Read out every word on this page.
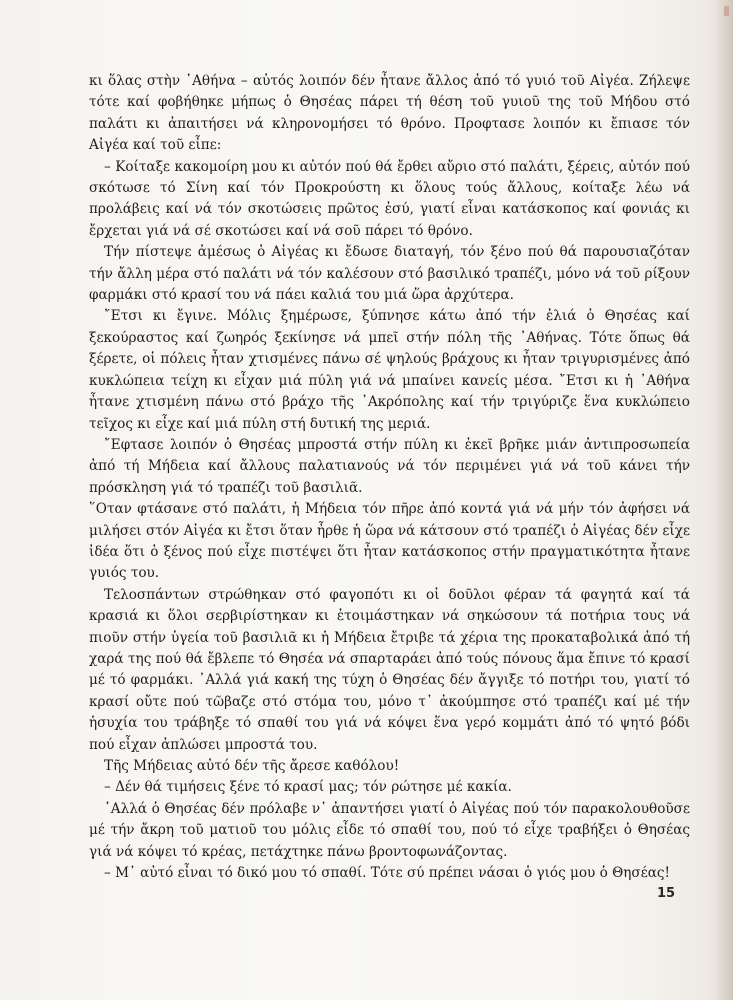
κι ὅλας στὴν ᾿Αθήνα – αὐτός λοιπόν δέν ἦτανε ἄλλος ἀπό τό γυιό τοῦ Αἰγέα. Ζήλεψε τότε καί φοβήθηκε μήπως ὁ Θησέας πάρει τή θέση τοῦ γυιοῦ της τοῦ Μήδου στό παλάτι κι ἀπαιτήσει νά κληρονομήσει τό θρόνο. Προφτασε λοιπόν κι ἔπιασε τόν Αἰγέα καί τοῦ εἶπε:

– Κοίταξε κακομοίρη μου κι αὐτόν πού θά ἔρθει αὔριο στό παλάτι, ξέρεις, αὐτόν πού σκότωσε τό Σίνη καί τόν Προκρούστη κι ὅλους τούς ἄλλους, κοίταξε λέω νά προλάβεις καί νά τόν σκοτώσεις πρῶτος ἐσύ, γιατί εἶναι κατάσκοπος καί φονιάς κι ἔρχεται γιά νά σέ σκοτώσει καί νά σοῦ πάρει τό θρόνο.

Τήν πίστεψε ἀμέσως ὁ Αἰγέας κι ἔδωσε διαταγή, τόν ξένο πού θά παρουσιαζόταν τήν ἄλλη μέρα στό παλάτι νά τόν καλέσουν στό βασιλικό τραπέζι, μόνο νά τοῦ ρίξουν φαρμάκι στό κρασί του νά πάει καλιά του μιά ὥρα ἀρχύτερα.

῎Ετσι κι ἔγινε. Μόλις ξημέρωσε, ξύπνησε κάτω ἀπό τήν ἐλιά ὁ Θησέας καί ξεκούραστος καί ζωηρός ξεκίνησε νά μπεῖ στήν πόλη τῆς ᾿Αθήνας. Τότε ὅπως θά ξέρετε, οἱ πόλεις ἦταν χτισμένες πάνω σέ ψηλούς βράχους κι ἦταν τριγυρισμένες ἀπό κυκλώπεια τείχη κι εἶχαν μιά πύλη γιά νά μπαίνει κανείς μέσα. ῎Ετσι κι ἡ ᾿Αθήνα ἦτανε χτισμένη πάνω στό βράχο τῆς ᾿Ακρόπολης καί τήν τριγύριζε ἕνα κυκλώπειο τεῖχος κι εἶχε καί μιά πύλη στή δυτική της μεριά.

῎Εφτασε λοιπόν ὁ Θησέας μπροστά στήν πύλη κι ἐκεῖ βρῆκε μιάν ἀντιπροσωπεία ἀπό τή Μήδεια καί ἄλλους παλατιανούς νά τόν περιμένει γιά νά τοῦ κάνει τήν πρόσκληση γιά τό τραπέζι τοῦ βασιλιᾶ.

῞Οταν φτάσανε στό παλάτι, ἡ Μήδεια τόν πῆρε ἀπό κοντά γιά νά μήν τόν ἀφήσει νά μιλήσει στόν Αἰγέα κι ἔτσι ὅταν ἦρθε ἡ ὥρα νά κάτσουν στό τραπέζι ὁ Αἰγέας δέν εἶχε ἰδέα ὅτι ὁ ξένος πού εἶχε πιστέψει ὅτι ἦταν κατάσκοπος στήν πραγματικότητα ἦτανε γυιός του.

Τελοσπάντων στρώθηκαν στό φαγοπότι κι οἱ δοῦλοι φέραν τά φαγητά καί τά κρασιά κι ὅλοι σερβιρίστηκαν κι ἑτοιμάστηκαν νά σηκώσουν τά ποτήρια τους νά πιοῦν στήν ὑγεία τοῦ βασιλιᾶ κι ἡ Μήδεια ἔτριβε τά χέρια της προκαταβολικά ἀπό τή χαρά της πού θά ἔβλεπε τό Θησέα νά σπαρταράει ἀπό τούς πόνους ἅμα ἔπινε τό κρασί μέ τό φαρμάκι. ᾿Αλλά γιά κακή της τύχη ὁ Θησέας δέν ἄγγιξε τό ποτήρι του, γιατί τό κρασί οὔτε πού τῶβαζε στό στόμα του, μόνο τ᾿ ἀκούμπησε στό τραπέζι καί μέ τήν ἡσυχία του τράβηξε τό σπαθί του γιά νά κόψει ἕνα γερό κομμάτι ἀπό τό ψητό βόδι πού εἶχαν ἁπλώσει μπροστά του.

Τῆς Μήδειας αὐτό δέν τῆς ἄρεσε καθόλου!

– Δέν θά τιμήσεις ξένε τό κρασί μας; τόν ρώτησε μέ κακία.

᾿Αλλά ὁ Θησέας δέν πρόλαβε ν᾿ ἀπαντήσει γιατί ὁ Αἰγέας πού τόν παρακολουθοῦσε μέ τήν ἄκρη τοῦ ματιοῦ του μόλις εἶδε τό σπαθί του, πού τό εἶχε τραβήξει ὁ Θησέας γιά νά κόψει τό κρέας, πετάχτηκε πάνω βροντοφωνάζοντας.

– Μ᾿ αὐτό εἶναι τό δικό μου τό σπαθί. Τότε σύ πρέπει νάσαι ὁ γιός μου ὁ Θησέας!

15
